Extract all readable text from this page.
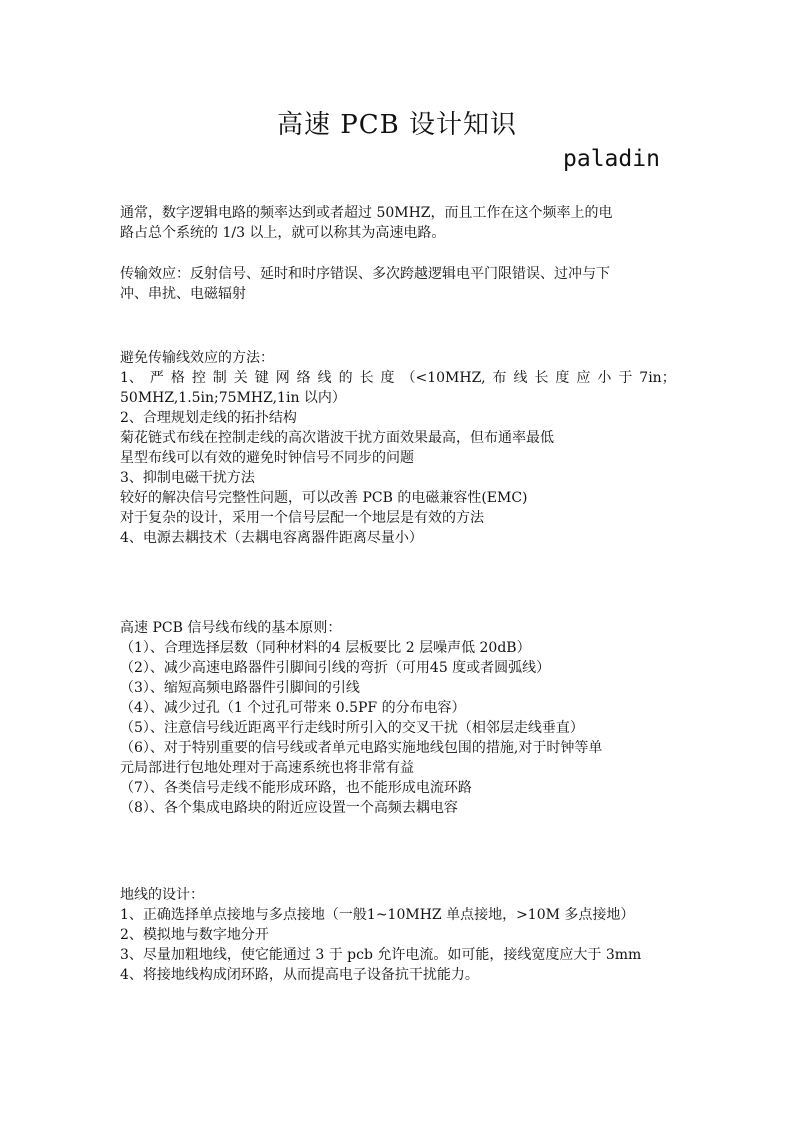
高速 PCB 设计知识
paladin
通常，数字逻辑电路的频率达到或者超过 50MHZ，而且工作在这个频率上的电
路占总个系统的 1/3 以上，就可以称其为高速电路。
传输效应：反射信号、延时和时序错误、多次跨越逻辑电平门限错误、过冲与下
冲、串扰、电磁辐射
避免传输线效应的方法：
1、 严 格 控 制 关 键 网 络 线 的 长 度 （<10MHZ, 布 线 长 度 应 小 于 7in；
50MHZ,1.5in;75MHZ,1in 以内）
2、合理规划走线的拓扑结构
菊花链式布线在控制走线的高次谐波干扰方面效果最高，但布通率最低
星型布线可以有效的避免时钟信号不同步的问题
3、抑制电磁干扰方法
较好的解决信号完整性问题，可以改善 PCB 的电磁兼容性(EMC)
对于复杂的设计，采用一个信号层配一个地层是有效的方法
4、电源去耦技术（去耦电容离器件距离尽量小）
高速 PCB 信号线布线的基本原则：
（1）、合理选择层数（同种材料的4 层板要比 2 层噪声低 20dB）
（2）、减少高速电路器件引脚间引线的弯折（可用45 度或者圆弧线）
（3）、缩短高频电路器件引脚间的引线
（4）、减少过孔（1 个过孔可带来 0.5PF 的分布电容）
（5）、注意信号线近距离平行走线时所引入的交叉干扰（相邻层走线垂直）
（6）、对于特别重要的信号线或者单元电路实施地线包围的措施,对于时钟等单
元局部进行包地处理对于高速系统也将非常有益
（7）、各类信号走线不能形成环路，也不能形成电流环路
（8）、各个集成电路块的附近应设置一个高频去耦电容
地线的设计：
1、正确选择单点接地与多点接地（一般1~10MHZ 单点接地，>10M 多点接地）
2、模拟地与数字地分开
3、尽量加粗地线，使它能通过 3 于 pcb 允许电流。如可能，接线宽度应大于 3mm
4、将接地线构成闭环路，从而提高电子设备抗干扰能力。
